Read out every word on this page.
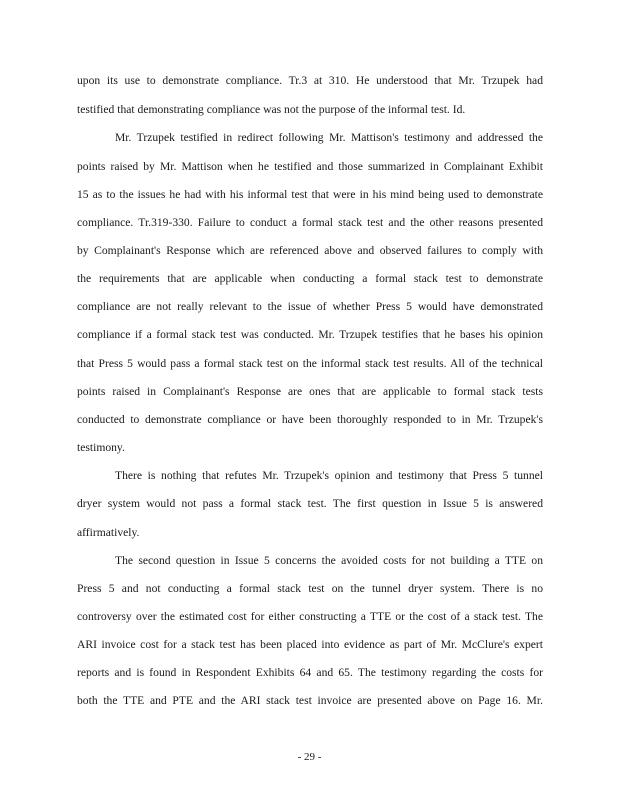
upon its use to demonstrate compliance. Tr.3 at 310. He understood that Mr. Trzupek had
testified that demonstrating compliance was not the purpose of the informal test. Id.
Mr. Trzupek testified in redirect following Mr. Mattison's testimony and addressed the
points raised by Mr. Mattison when he testified and those summarized in Complainant Exhibit
15 as to the issues he had with his informal test that were in his mind being used to demonstrate
compliance. Tr.319-330. Failure to conduct a formal stack test and the other reasons presented
by Complainant's Response which are referenced above and observed failures to comply with
the requirements that are applicable when conducting a formal stack test to demonstrate
compliance are not really relevant to the issue of whether Press 5 would have demonstrated
compliance if a formal stack test was conducted. Mr. Trzupek testifies that he bases his opinion
that Press 5 would pass a formal stack test on the informal stack test results. All of the technical
points raised in Complainant's Response are ones that are applicable to formal stack tests
conducted to demonstrate compliance or have been thoroughly responded to in Mr. Trzupek's
testimony.
There is nothing that refutes Mr. Trzupek's opinion and testimony that Press 5 tunnel
dryer system would not pass a formal stack test. The first question in Issue 5 is answered
affirmatively.
The second question in Issue 5 concerns the avoided costs for not building a TTE on
Press 5 and not conducting a formal stack test on the tunnel dryer system. There is no
controversy over the estimated cost for either constructing a TTE or the cost of a stack test. The
ARI invoice cost for a stack test has been placed into evidence as part of Mr. McClure's expert
reports and is found in Respondent Exhibits 64 and 65. The testimony regarding the costs for
both the TTE and PTE and the ARI stack test invoice are presented above on Page 16. Mr.
- 29 -
